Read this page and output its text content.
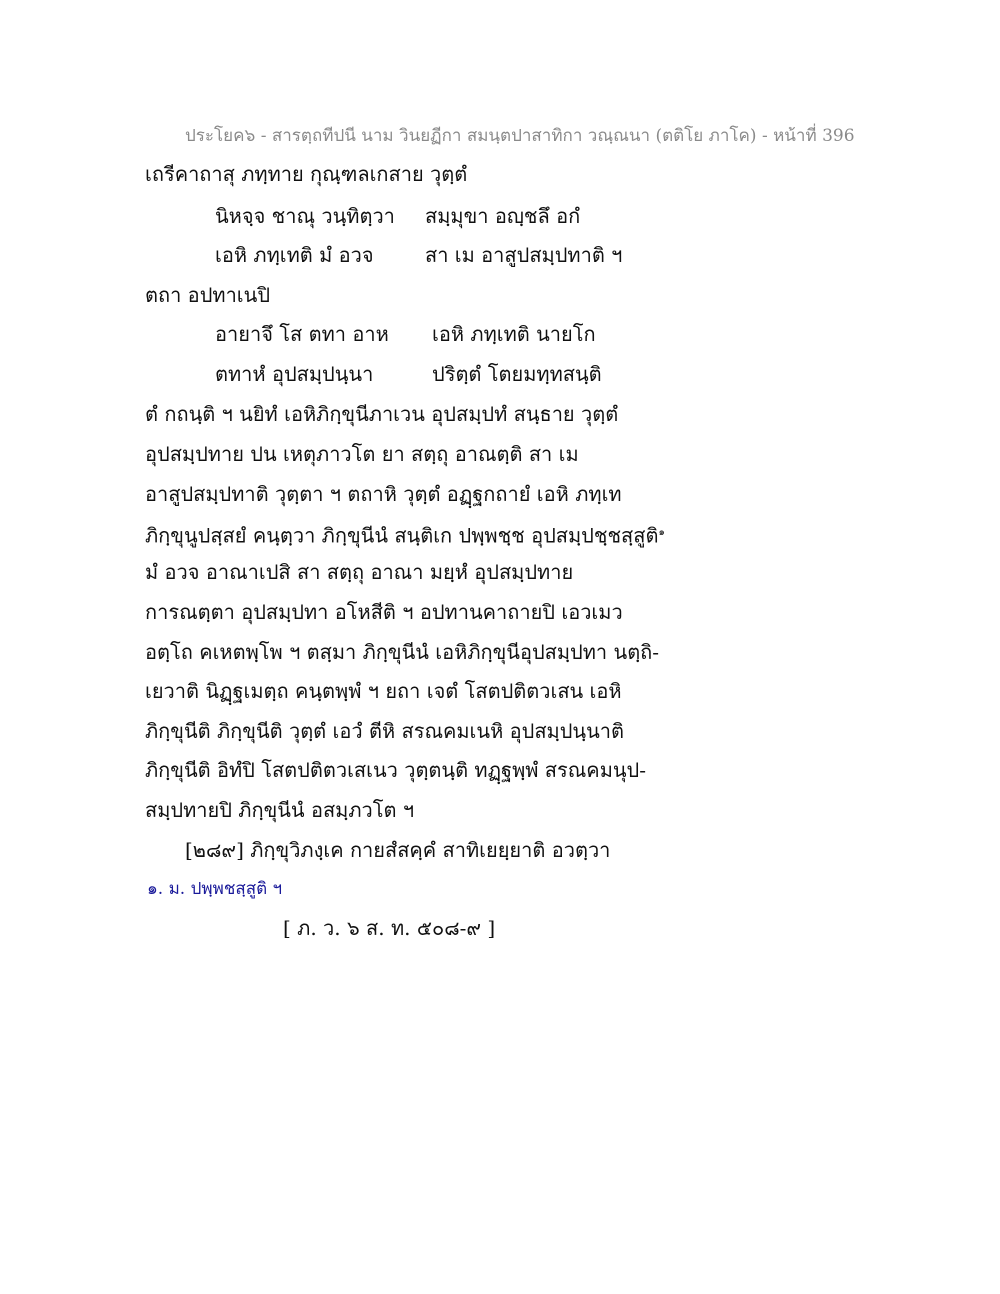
ประโยค๖ - สารตฺถทีปนี นาม วินยฏีกา สมนฺตปาสาทิกา วณฺณนา (ตติโย ภาโค) - หน้าที่ 396
เถรีคาถาสุ ภทฺทาย กุณฺฑลเกสาย วุตฺตํ
นิหจฺจ ชาณุ วนฺทิตฺวา สมฺมุขา อญฺชลึ อกํ
เอหิ ภทฺเทติ มํ อวจ	สา เม อาสูปสมฺปทาติ ฯ
ตถา อปทาเนปิ
อายาจึ โส ตทา อาห เอหิ ภทฺเทติ นายโก
ตทาหํ อุปสมฺปนฺนา	ปริตฺตํ โตยมทฺทสนฺติ
ตํ กถนฺติ ฯ นยิทํ เอหิภิกฺขุนีภาเวน อุปสมฺปทํ สนฺธาย วุตฺตํ
อุปสมฺปทาย ปน เหตุภาวโต ยา สตฺถุ อาณตฺติ สา เม
อาสูปสมฺปทาติ วุตฺตา ฯ ตถาหิ วุตฺตํ อฏฺฐกถายํ เอหิ ภทฺเท
ภิกฺขุนูปสฺสยํ คนฺตฺวา ภิกฺขุนีนํ สนฺติเก ปพฺพชฺช อุปสมฺปชฺชสฺสูติ$^๑$
มํ อวจ อาณาเปสิ สา สตฺถุ อาณา มยฺหํ อุปสมฺปทาย
การณตฺตา อุปสมฺปทา อโหสีติ ฯ อปทานคาถายปิ เอวเมว
อตฺโถ คเหตพฺโพ ฯ ตสฺมา ภิกฺขุนีนํ เอหิภิกฺขุนีอุปสมฺปทา นตฺถิ-
เยวาติ นิฏฺฐเมตฺถ คนฺตพฺพํ ฯ ยถา เจตํ โสตปติตวเสน เอหิ
ภิกฺขุนีติ ภิกฺขุนีติ วุตฺตํ เอวํ ตีหิ สรณคมเนหิ อุปสมฺปนฺนาติ
ภิกฺขุนีติ อิทํปิ โสตปติตวเสเนว วุตฺตนฺติ ทฏฺฐพฺพํ สรณคมนุป-
สมฺปทายปิ ภิกฺขุนีนํ อสมฺภวโต ฯ
[๒๘๙] ภิกฺขุวิภงฺเค กายสํสคฺคํ สาทิเยยฺยาติ อวตฺวา
๑. ม. ปพฺพชสฺสูติ ฯ
[ ภ. ว. ๖ ส. ท. ๕๐๘-๙ ]
